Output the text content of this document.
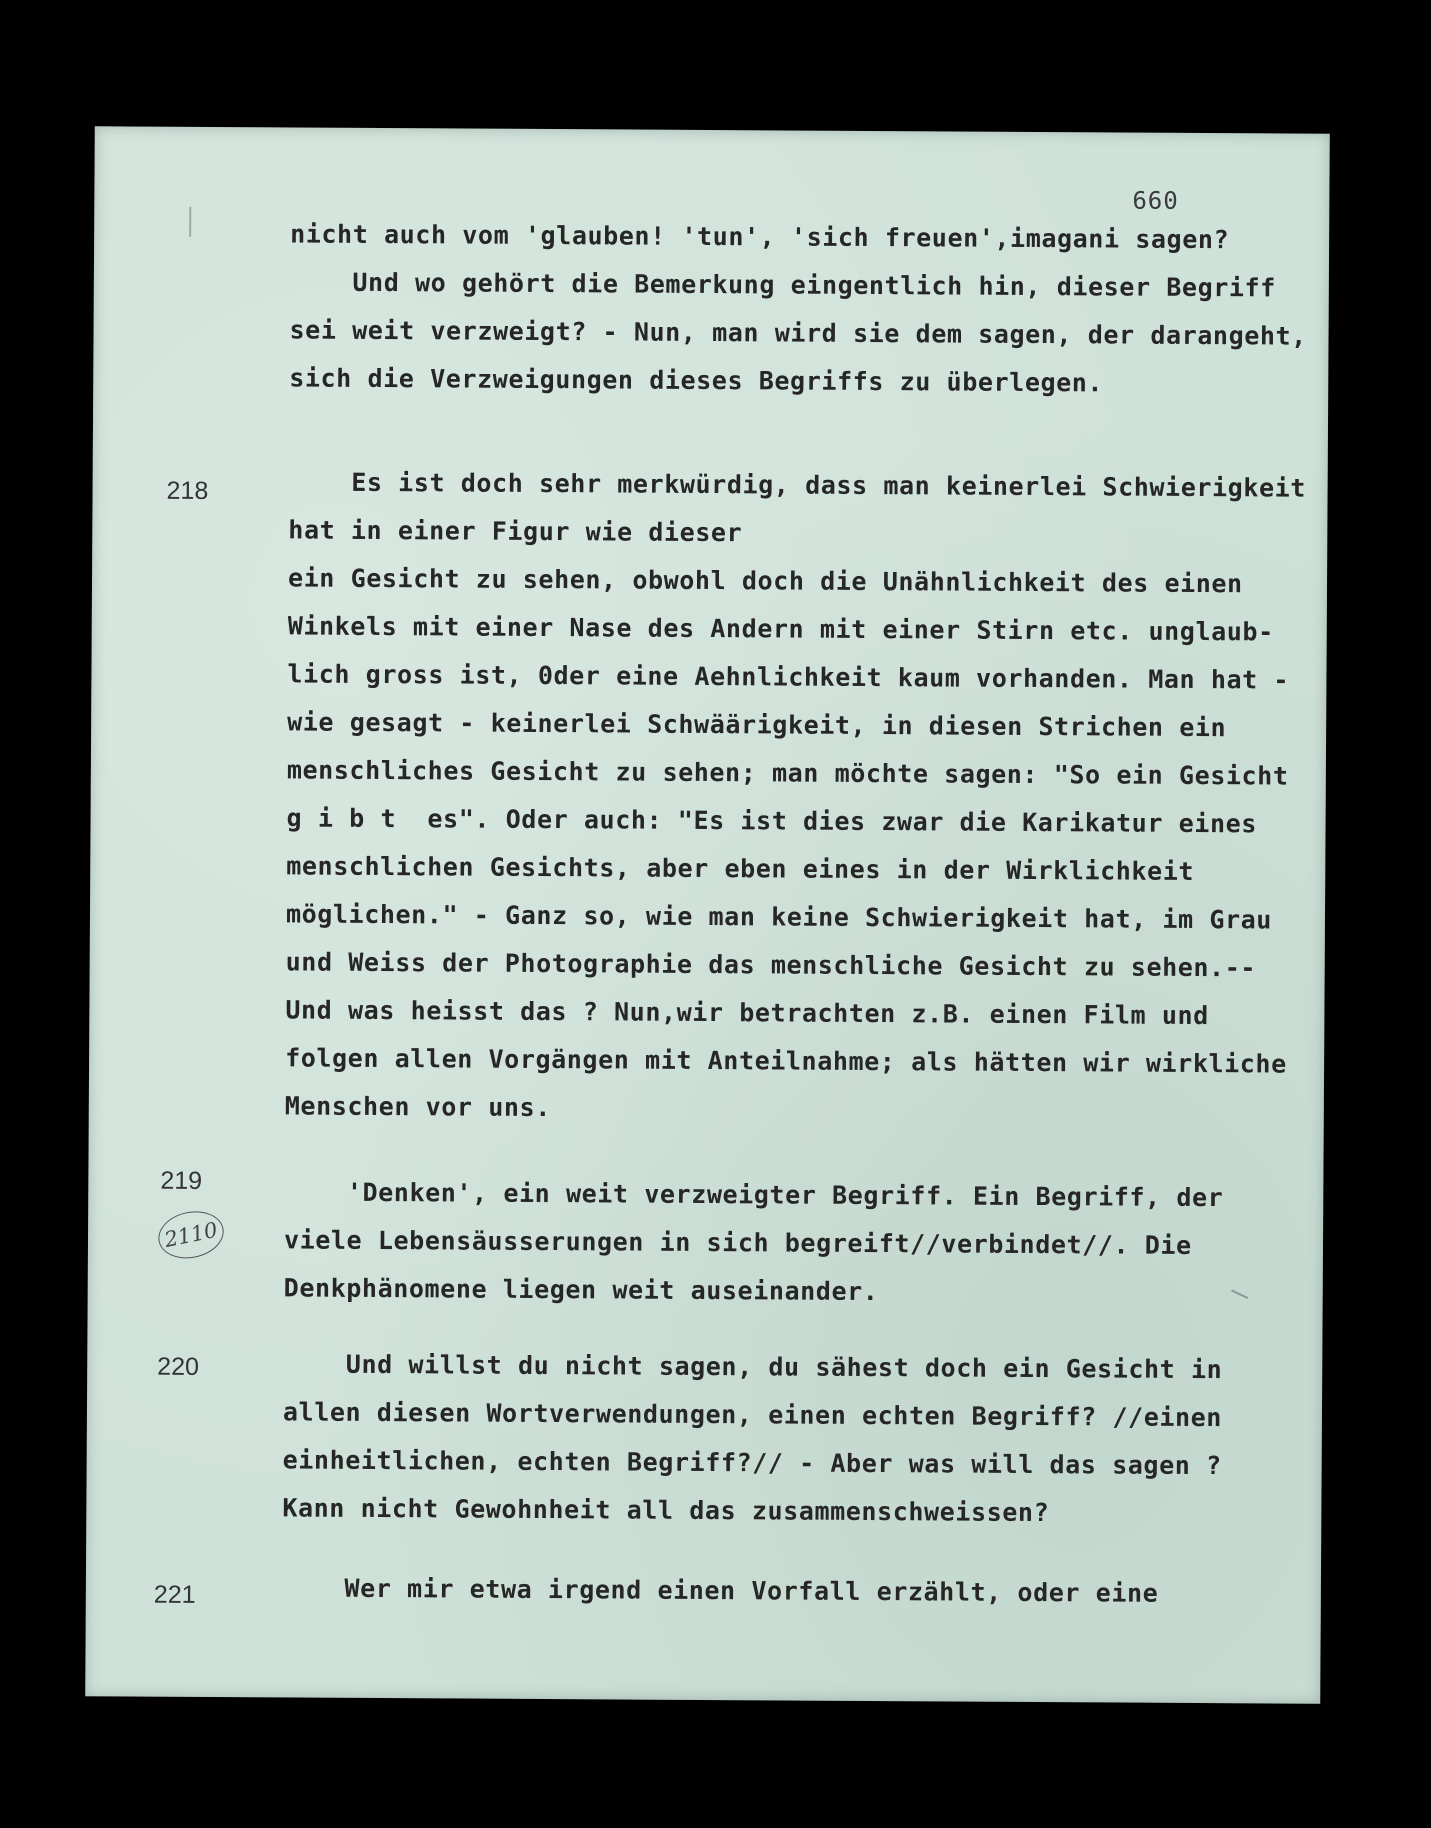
660
nicht auch vom 'glauben! 'tun', 'sich freuen',imagani sagen?
Und wo gehört die Bemerkung eingentlich hin, dieser Begriff
sei weit verzweigt? - Nun, man wird sie dem sagen, der darangeht,
sich die Verzweigungen dieses Begriffs zu überlegen.
218	Es ist doch sehr merkwürdig, dass man keinerlei Schwierigkeit
hat in einer Figur wie dieser
ein Gesicht zu sehen, obwohl doch die Unähnlichkeit des einen
Winkels mit einer Nase des Andern mit einer Stirn etc. unglaub-
lich gross ist, 0der eine Aehnlichkeit kaum vorhanden. Man hat -
wie gesagt - keinerlei Schwäärigkeit, in diesen Strichen ein
menschliches Gesicht zu sehen; man möchte sagen: "So ein Gesicht
g i b t  es". Oder auch: "Es ist dies zwar die Karikatur eines
menschlichen Gesichts, aber eben eines in der Wirklichkeit
möglichen." - Ganz so, wie man keine Schwierigkeit hat, im Grau
und Weiss der Photographie das menschliche Gesicht zu sehen.--
Und was heisst das ? Nun,wir betrachten z.B. einen Film und
folgen allen Vorgängen mit Anteilnahme; als hätten wir wirkliche
Menschen vor uns.
219
2110
'Denken', ein weit verzweigter Begriff. Ein Begriff, der
viele Lebensäusserungen in sich begreift//verbindet//. Die
Denkphänomene liegen weit auseinander.
220	Und willst du nicht sagen, du sähest doch ein Gesicht in
allen diesen Wortverwendungen, einen echten Begriff? //einen
einheitlichen, echten Begriff?// - Aber was will das sagen ?
Kann nicht Gewohnheit all das zusammenschweissen?
221	Wer mir etwa irgend einen Vorfall erzählt, oder eine
